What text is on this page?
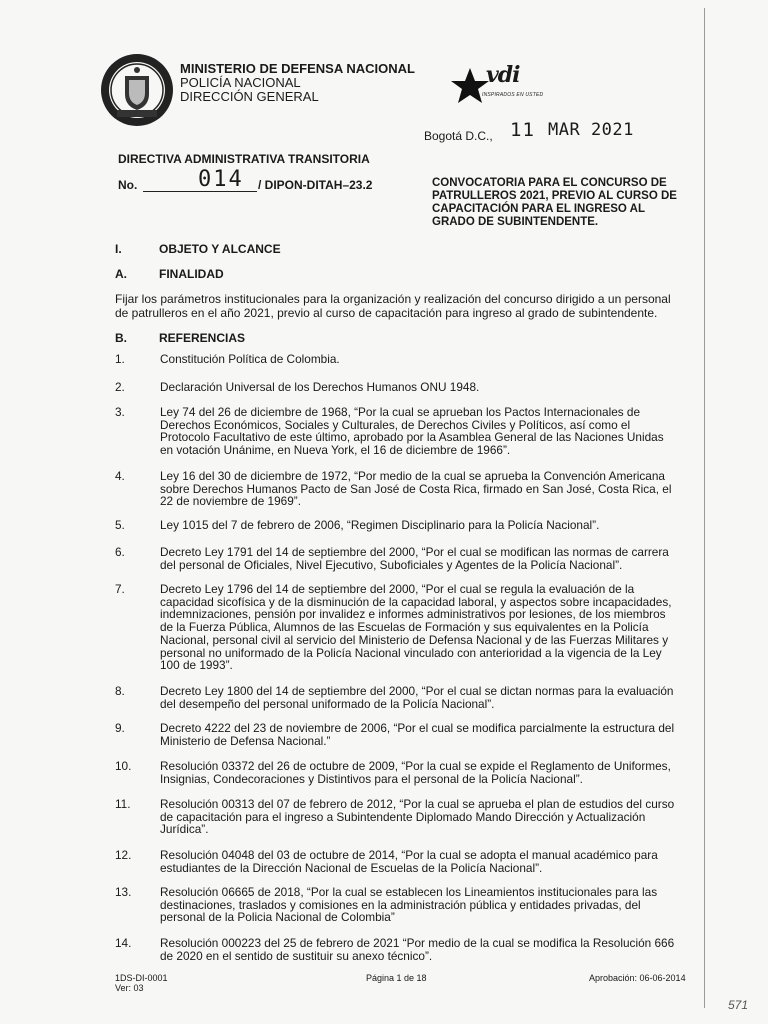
MINISTERIO DE DEFENSA NACIONAL
POLICÍA NACIONAL
DIRECCIÓN GENERAL
vdi
INSPIRADOS EN USTED
Bogotá D.C., 11 MAR 2021
DIRECTIVA ADMINISTRATIVA TRANSITORIA
No.	014 / DIPON-DITAH–23.2	CONVOCATORIA PARA EL CONCURSO DE
PATRULLEROS 2021, PREVIO AL CURSO DE
CAPACITACIÓN PARA EL INGRESO AL
GRADO DE SUBINTENDENTE.
I.	OBJETO Y ALCANCE
A.	FINALIDAD
Fijar los parámetros institucionales para la organización y realización del concurso dirigido a un personal
de patrulleros en el año 2021, previo al curso de capacitación para ingreso al grado de subintendente.
B.	REFERENCIAS
1.	Constitución Política de Colombia.
2.	Declaración Universal de los Derechos Humanos ONU 1948.
3.	Ley 74 del 26 de diciembre de 1968, “Por la cual se aprueban los Pactos Internacionales de
Derechos Económicos, Sociales y Culturales, de Derechos Civiles y Políticos, así como el
Protocolo Facultativo de este último, aprobado por la Asamblea General de las Naciones Unidas
en votación Unánime, en Nueva York, el 16 de diciembre de 1966”.
4.	Ley 16 del 30 de diciembre de 1972, “Por medio de la cual se aprueba la Convención Americana
sobre Derechos Humanos Pacto de San José de Costa Rica, firmado en San José, Costa Rica, el
22 de noviembre de 1969”.
5.	Ley 1015 del 7 de febrero de 2006, “Regimen Disciplinario para la Policía Nacional”.
6.	Decreto Ley 1791 del 14 de septiembre del 2000, “Por el cual se modifican las normas de carrera
del personal de Oficiales, Nivel Ejecutivo, Suboficiales y Agentes de la Policía Nacional”.
7.	Decreto Ley 1796 del 14 de septiembre del 2000, “Por el cual se regula la evaluación de la
capacidad sicofísica y de la disminución de la capacidad laboral, y aspectos sobre incapacidades,
indemnizaciones, pensión por invalidez e informes administrativos por lesiones, de los miembros
de la Fuerza Pública, Alumnos de las Escuelas de Formación y sus equivalentes en la Policía
Nacional, personal civil al servicio del Ministerio de Defensa Nacional y de las Fuerzas Militares y
personal no uniformado de la Policía Nacional vinculado con anterioridad a la vigencia de la Ley
100 de 1993”.
8.	Decreto Ley 1800 del 14 de septiembre del 2000, “Por el cual se dictan normas para la evaluación
del desempeño del personal uniformado de la Policía Nacional”.
9.	Decreto 4222 del 23 de noviembre de 2006, “Por el cual se modifica parcialmente la estructura del
Ministerio de Defensa Nacional.”
10. Resolución 03372 del 26 de octubre de 2009, “Por la cual se expide el Reglamento de Uniformes,
Insignias, Condecoraciones y Distintivos para el personal de la Policía Nacional”.
11. Resolución 00313 del 07 de febrero de 2012, “Por la cual se aprueba el plan de estudios del curso
de capacitación para el ingreso a Subintendente Diplomado Mando Dirección y Actualización
Jurídica”.
12. Resolución 04048 del 03 de octubre de 2014, “Por la cual se adopta el manual académico para
estudiantes de la Dirección Nacional de Escuelas de la Policía Nacional”.
13. Resolución 06665 de 2018, “Por la cual se establecen los Lineamientos institucionales para las
destinaciones, traslados y comisiones en la administración pública y entidades privadas, del
personal de la Policia Nacional de Colombia”
14. Resolución 000223 del 25 de febrero de 2021 “Por medio de la cual se modifica la Resolución 666
de 2020 en el sentido de sustituir su anexo técnico”.
1DS-DI-0001
Ver: 03
Página 1 de 18	Aprobación: 06-06-2014
571
